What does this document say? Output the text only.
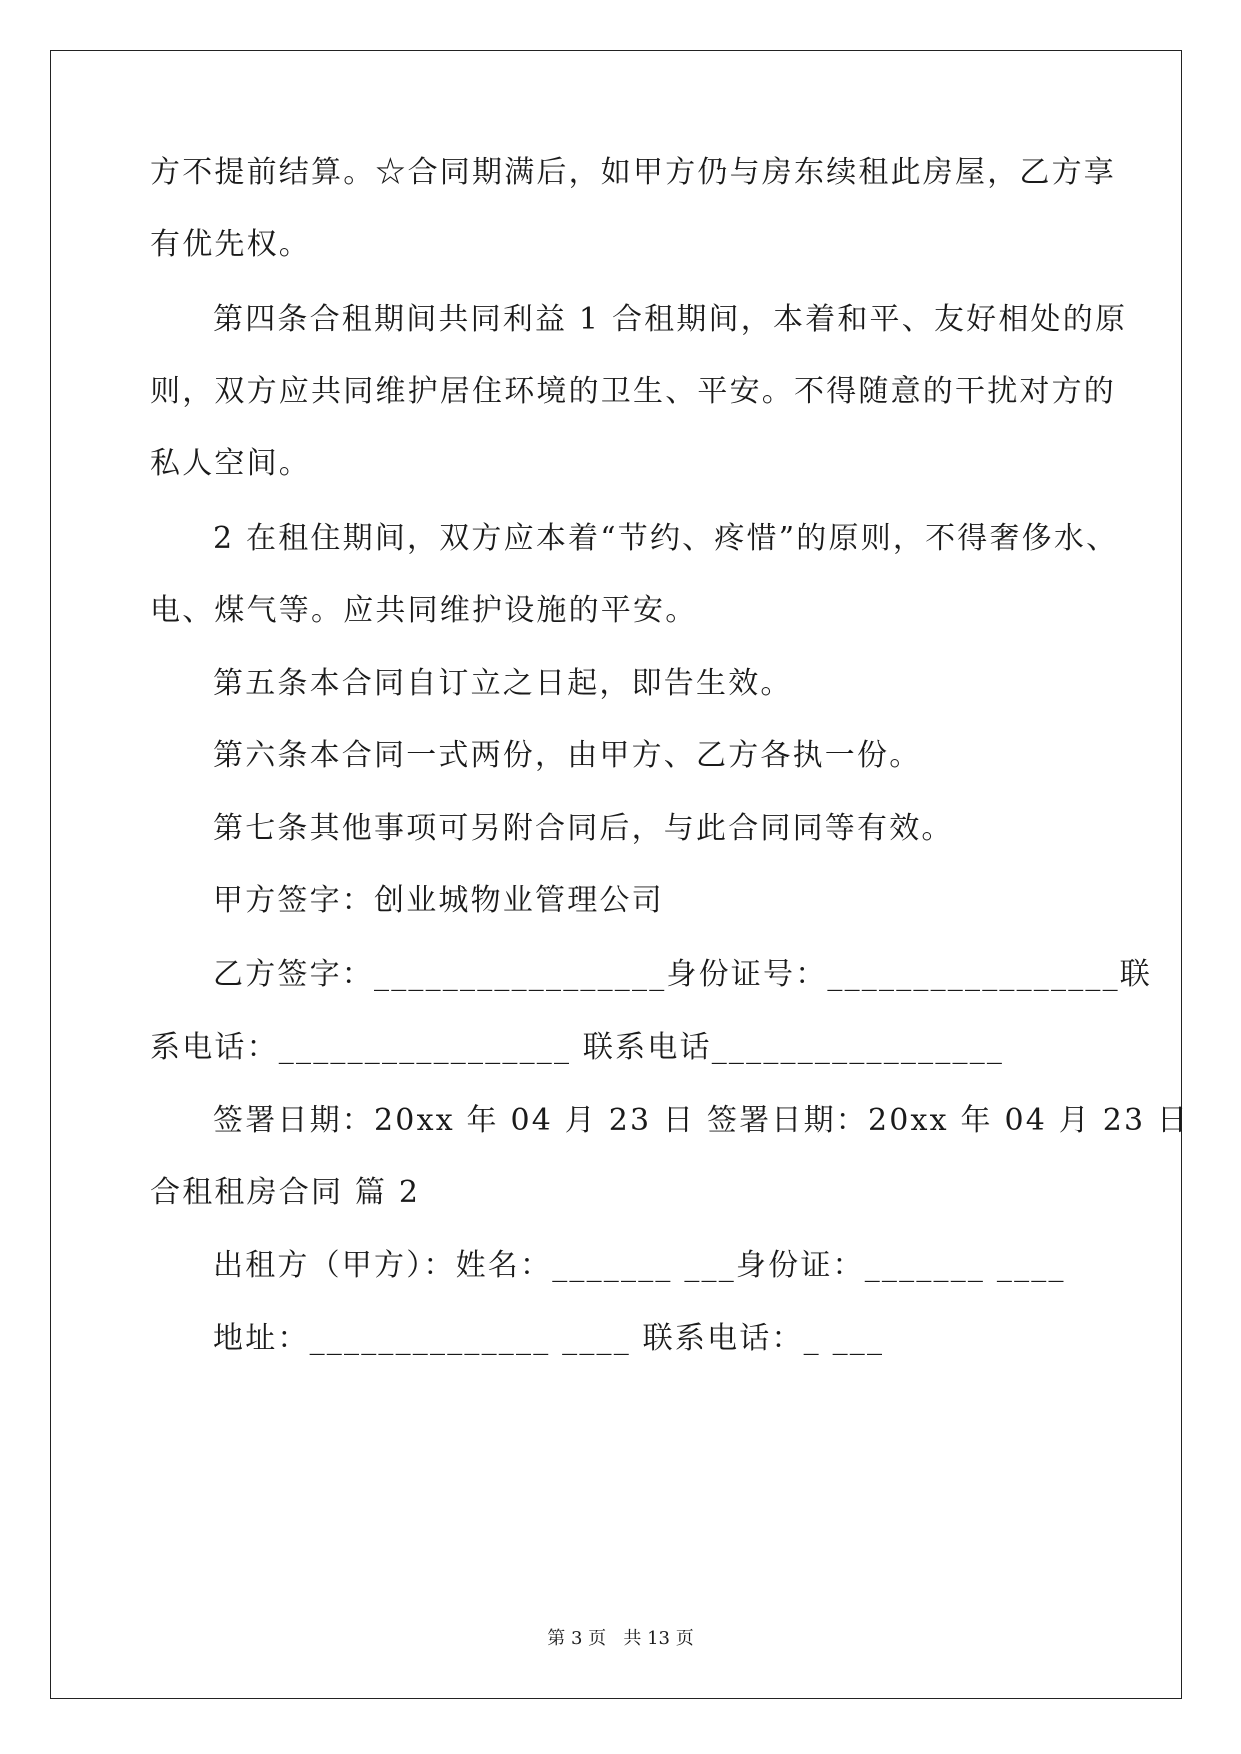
方不提前结算。☆合同期满后，如甲方仍与房东续租此房屋，乙方享
有优先权。
第四条合租期间共同利益 1 合租期间，本着和平、友好相处的原
则，双方应共同维护居住环境的卫生、平安。不得随意的干扰对方的
私人空间。
2 在租住期间，双方应本着“节约、疼惜”的原则，不得奢侈水、
电、煤气等。应共同维护设施的平安。
第五条本合同自订立之日起，即告生效。
第六条本合同一式两份，由甲方、乙方各执一份。
第七条其他事项可另附合同后，与此合同同等有效。
甲方签字：创业城物业管理公司
乙方签字：_________________身份证号：_________________联
系电话：_________________ 联系电话_________________
签署日期：20xx 年 04 月 23 日 签署日期：20xx 年 04 月 23 日
合租租房合同 篇 2
出租方（甲方）：姓名：_______ ___身份证：_______ ____
地址：______________ ____ 联系电话：_ ___
第 3 页   共 13 页
